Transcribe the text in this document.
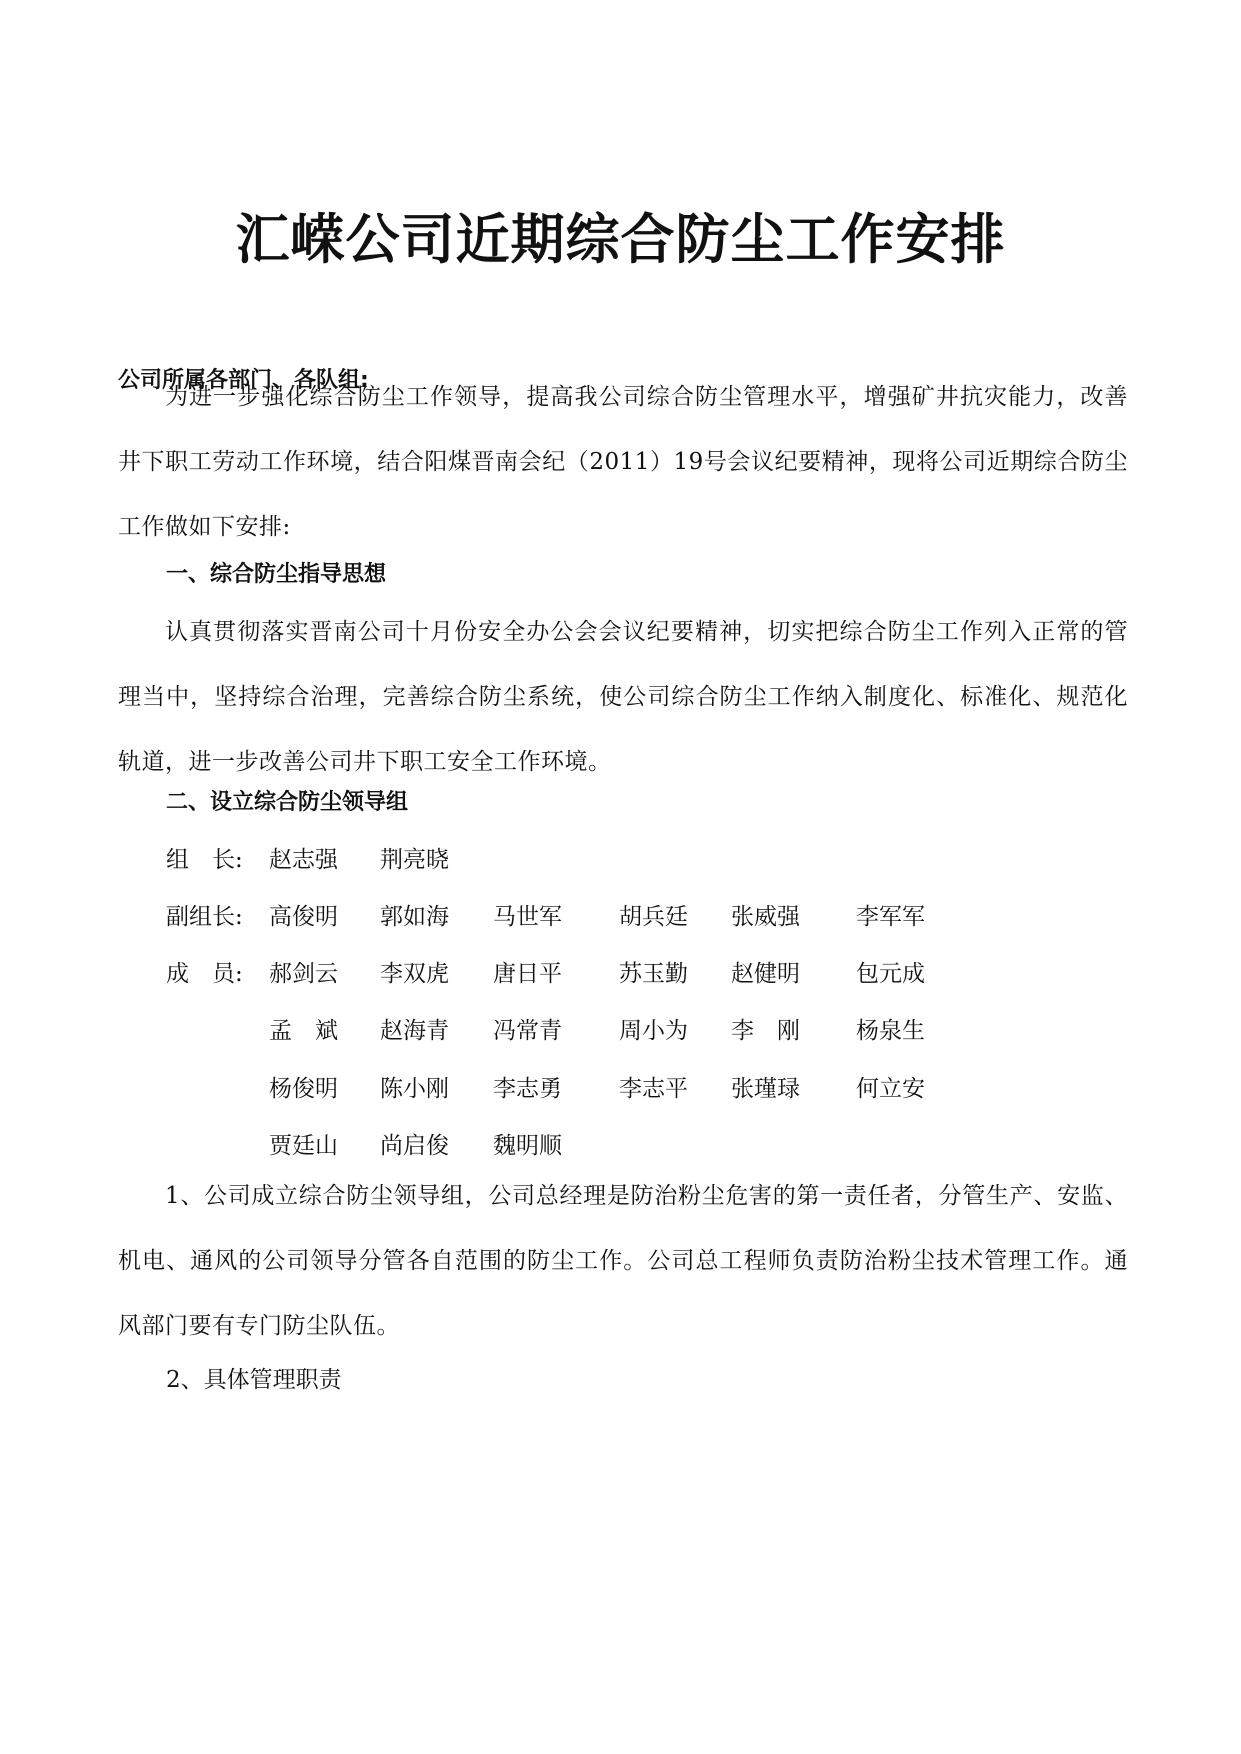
汇嵘公司近期综合防尘工作安排
公司所属各部门、各队组:
为进一步强化综合防尘工作领导，提高我公司综合防尘管理水平，增强矿井抗灾能力，改善井下职工劳动工作环境，结合阳煤晋南会纪（2011）19号会议纪要精神，现将公司近期综合防尘工作做如下安排:
一、综合防尘指导思想
认真贯彻落实晋南公司十月份安全办公会会议纪要精神，切实把综合防尘工作列入正常的管理当中，坚持综合治理，完善综合防尘系统，使公司综合防尘工作纳入制度化、标准化、规范化轨道，进一步改善公司井下职工安全工作环境。
二、设立综合防尘领导组
组　长: 赵志强 荆亮晓
副组长: 高俊明 郭如海 马世军 胡兵廷 张威强 李军军
成　员: 郝剑云 李双虎 唐日平 苏玉勤 赵健明 包元成
孟　斌 赵海青 冯常青 周小为 李　刚 杨泉生
杨俊明 陈小刚 李志勇 李志平 张瑾琭 何立安
贾廷山 尚启俊 魏明顺
1、公司成立综合防尘领导组，公司总经理是防治粉尘危害的第一责任者，分管生产、安监、机电、通风的公司领导分管各自范围的防尘工作。公司总工程师负责防治粉尘技术管理工作。通风部门要有专门防尘队伍。
2、具体管理职责
